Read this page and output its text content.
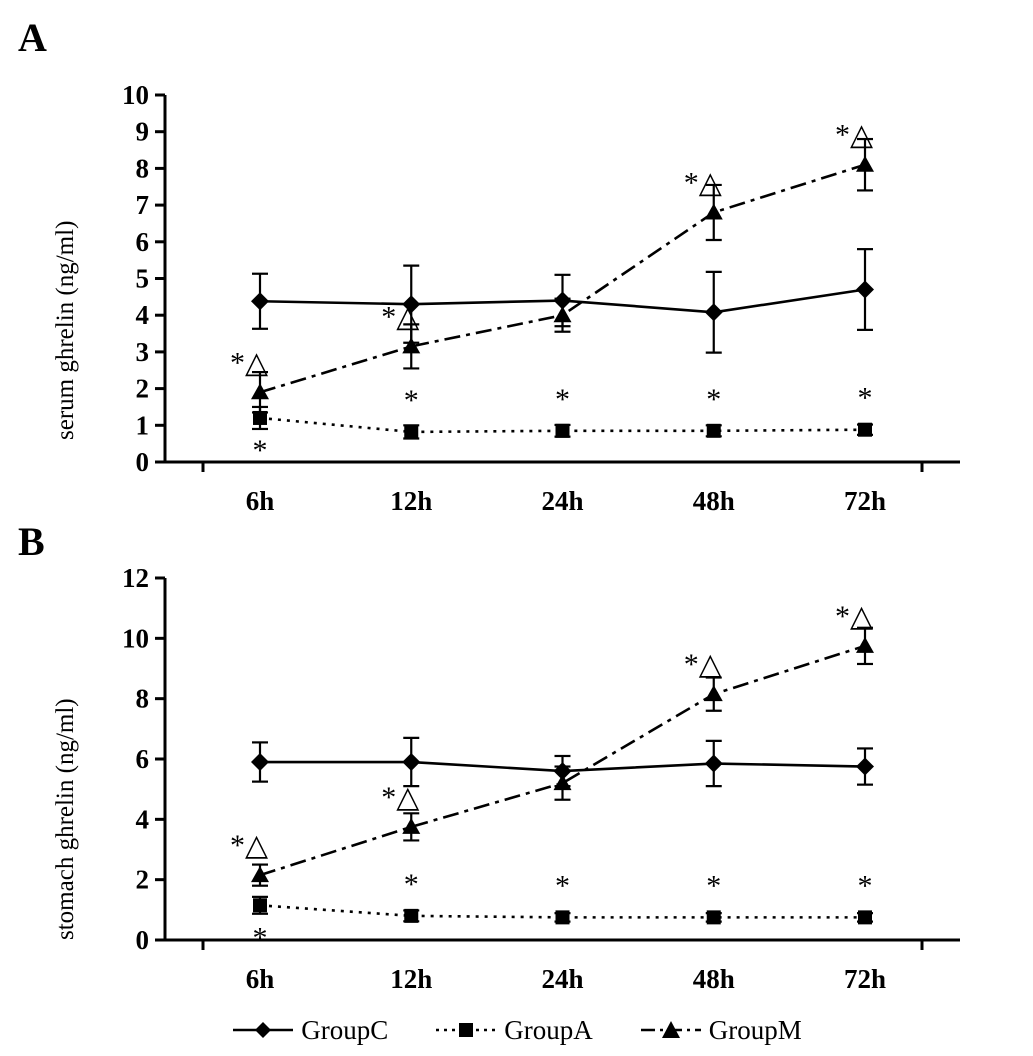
A
serum ghrelin (ng/ml)
0
1
2
3
4
5
6
7
8
9
10
6h	12h	24h	48h	72h
*
*	*	*	*
*△
*△
*△
*△
B
stomach ghrelin (ng/ml) 0
2
4
6
8
10
12
6h	12h	24h	48h	72h
*
*	*	*	*
*△
*△
*△
*△
GroupC	GroupA	GroupM
